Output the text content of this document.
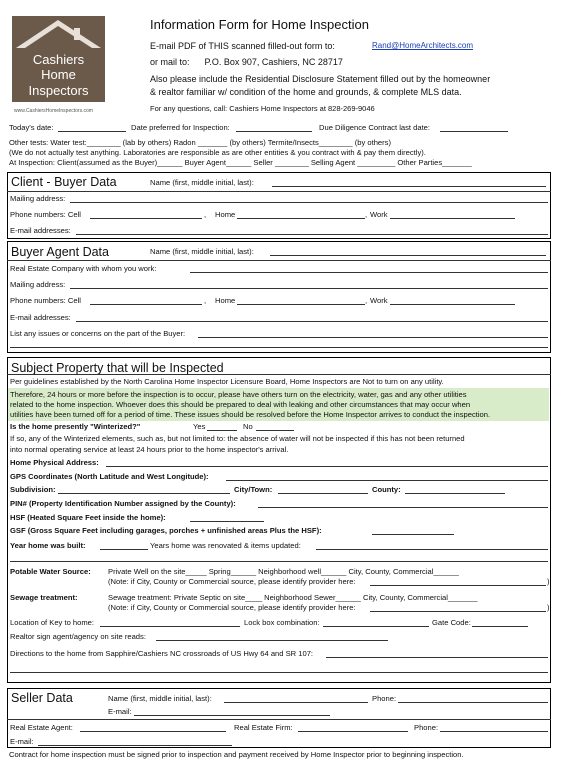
Cashiers
Home
Inspectors
www.CashiersHomeInspectors.com
Information Form for Home Inspection
E-mail PDF of THIS scanned filled-out form to:	Rand@HomeArchitects.com
or mail to:      P.O. Box 907, Cashiers, NC 28717
Also please include the Residential Disclosure Statement filled out by the homeowner
& realtor familiar w/ condition of the home and grounds, & complete MLS data.
For any questions, call: Cashiers Home Inspectors at 828-269-9046
Today's date:	Date preferred for Inspection:	Due Diligence Contract last date:
Other tests: Water test:________ (lab by others) Radon _______ (by others) Termite/Insects________ (by others)
(We do not actually test anything. Laboratories are responsible as are other entities & you contract with & pay them directly).
At Inspection: Client(assumed as the Buyer)______ Buyer Agent______ Seller ________ Selling Agent _________ Other Parties_______
Client - Buyer Data	Name (first, middle initial, last):
Mailing address:
Phone numbers: Cell	, Home	, Work
E-mail addresses:
Buyer Agent Data	Name (first, middle initial, last):
Real Estate Company with whom you work:
Mailing address:
Phone numbers: Cell	, Home	, Work
E-mail addresses:
List any issues or concerns on the part of the Buyer:
Subject Property that will be Inspected
Per guidelines established by the North Carolina Home Inspector Licensure Board, Home Inspectors are Not to turn on any utility.
Therefore, 24 hours or more before the inspection is to occur, please have others turn on the electricity, water, gas and any other utilities
related to the home inspection. Whoever does this should be prepared to deal with leaking and other circumstances that may occur when
utilities have been turned off for a period of time. These issues should be resolved before the Home Inspector arrives to conduct the inspection.
Is the home presently "Winterized?"	Yes	No
If so, any of the Winterized elements, such as, but not limited to: the absence of water will not be inspected if this has not been returned
into normal operating service at least 24 hours prior to the home inspector's arrival.
Home Physical Address:
GPS Coordinates (North Latitude and West Longitude):
Subdivision:	City/Town:	County:
PIN# (Property Identification Number assigned by the County):
HSF (Heated Square Feet inside the home):
GSF (Gross Square Feet including garages, porches + unfinished areas Plus the HSF):
Year home was built:	Years home was renovated & items updated:
Potable Water Source: Private Well on the site_____ Spring______ Neighborhood well______ City, County, Commercial______
(Note: if City, County or Commercial source, please identify provider here:	)
Sewage treatment:	Sewage treatment: Private Septic on site____ Neighborhood Sewer______ City, County, Commercial_______
(Note: if City, County or Commercial source, please identify provider here:	)
Location of Key to home:	Lock box combination:	Gate Code:
Realtor sign agent/agency on site reads:
Directions to the home from Sapphire/Cashiers NC crossroads of US Hwy 64 and SR 107:
Seller Data	Name (first, middle initial, last):	Phone:
E-mail:
Real Estate Agent:	Real Estate Firm:	Phone:
E-mail:
Contract for home inspection must be signed prior to inspection and payment received by Home Inspector prior to beginning inspection.
